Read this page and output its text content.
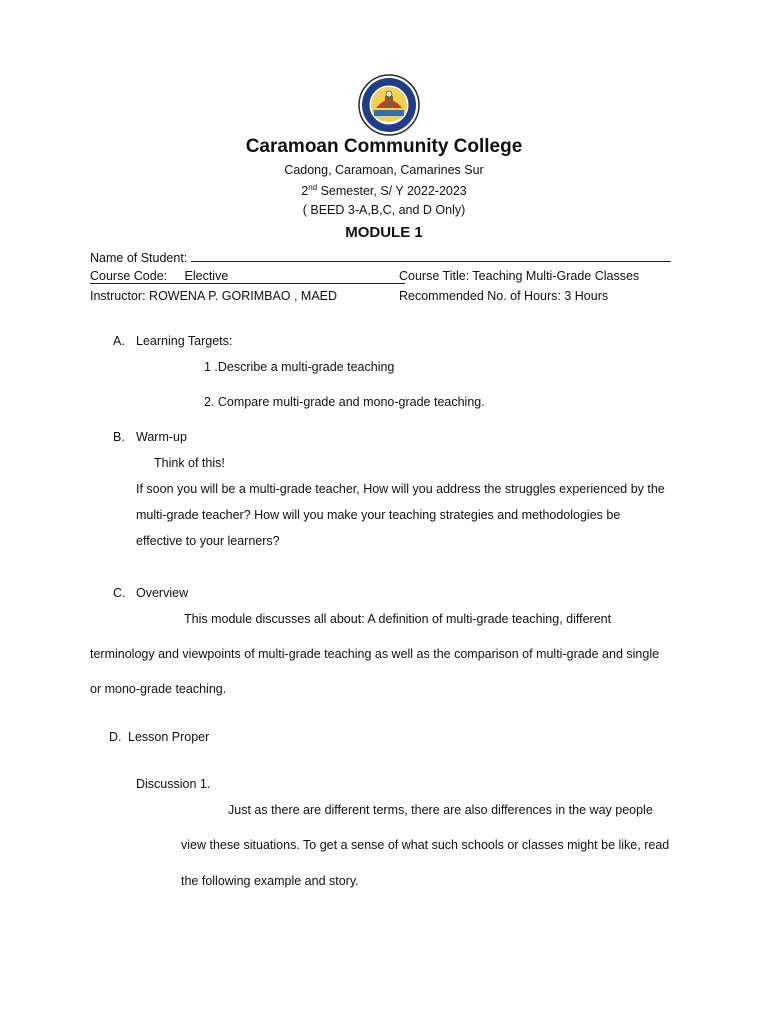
Caramoan Community College
Cadong, Caramoan, Camarines Sur
2nd Semester, S/ Y 2022-2023
( BEED 3-A,B,C, and D Only)
MODULE 1
Name of Student:
Course Code: Elective	Course Title: Teaching Multi-Grade Classes
Instructor: ROWENA P. GORIMBAO , MAED	Recommended No. of Hours: 3 Hours
A. Learning Targets:
1 .Describe a multi-grade teaching
2. Compare multi-grade and mono-grade teaching.
B. Warm-up
Think of this!
If soon you will be a multi-grade teacher, How will you address the struggles experienced by the
multi-grade teacher? How will you make your teaching strategies and methodologies be
effective to your learners?
C. Overview
This module discusses all about: A definition of multi-grade teaching, different
terminology and viewpoints of multi-grade teaching as well as the comparison of multi-grade and single
or mono-grade teaching.
D. Lesson Proper
Discussion 1.
Just as there are different terms, there are also differences in the way people
view these situations. To get a sense of what such schools or classes might be like, read
the following example and story.
